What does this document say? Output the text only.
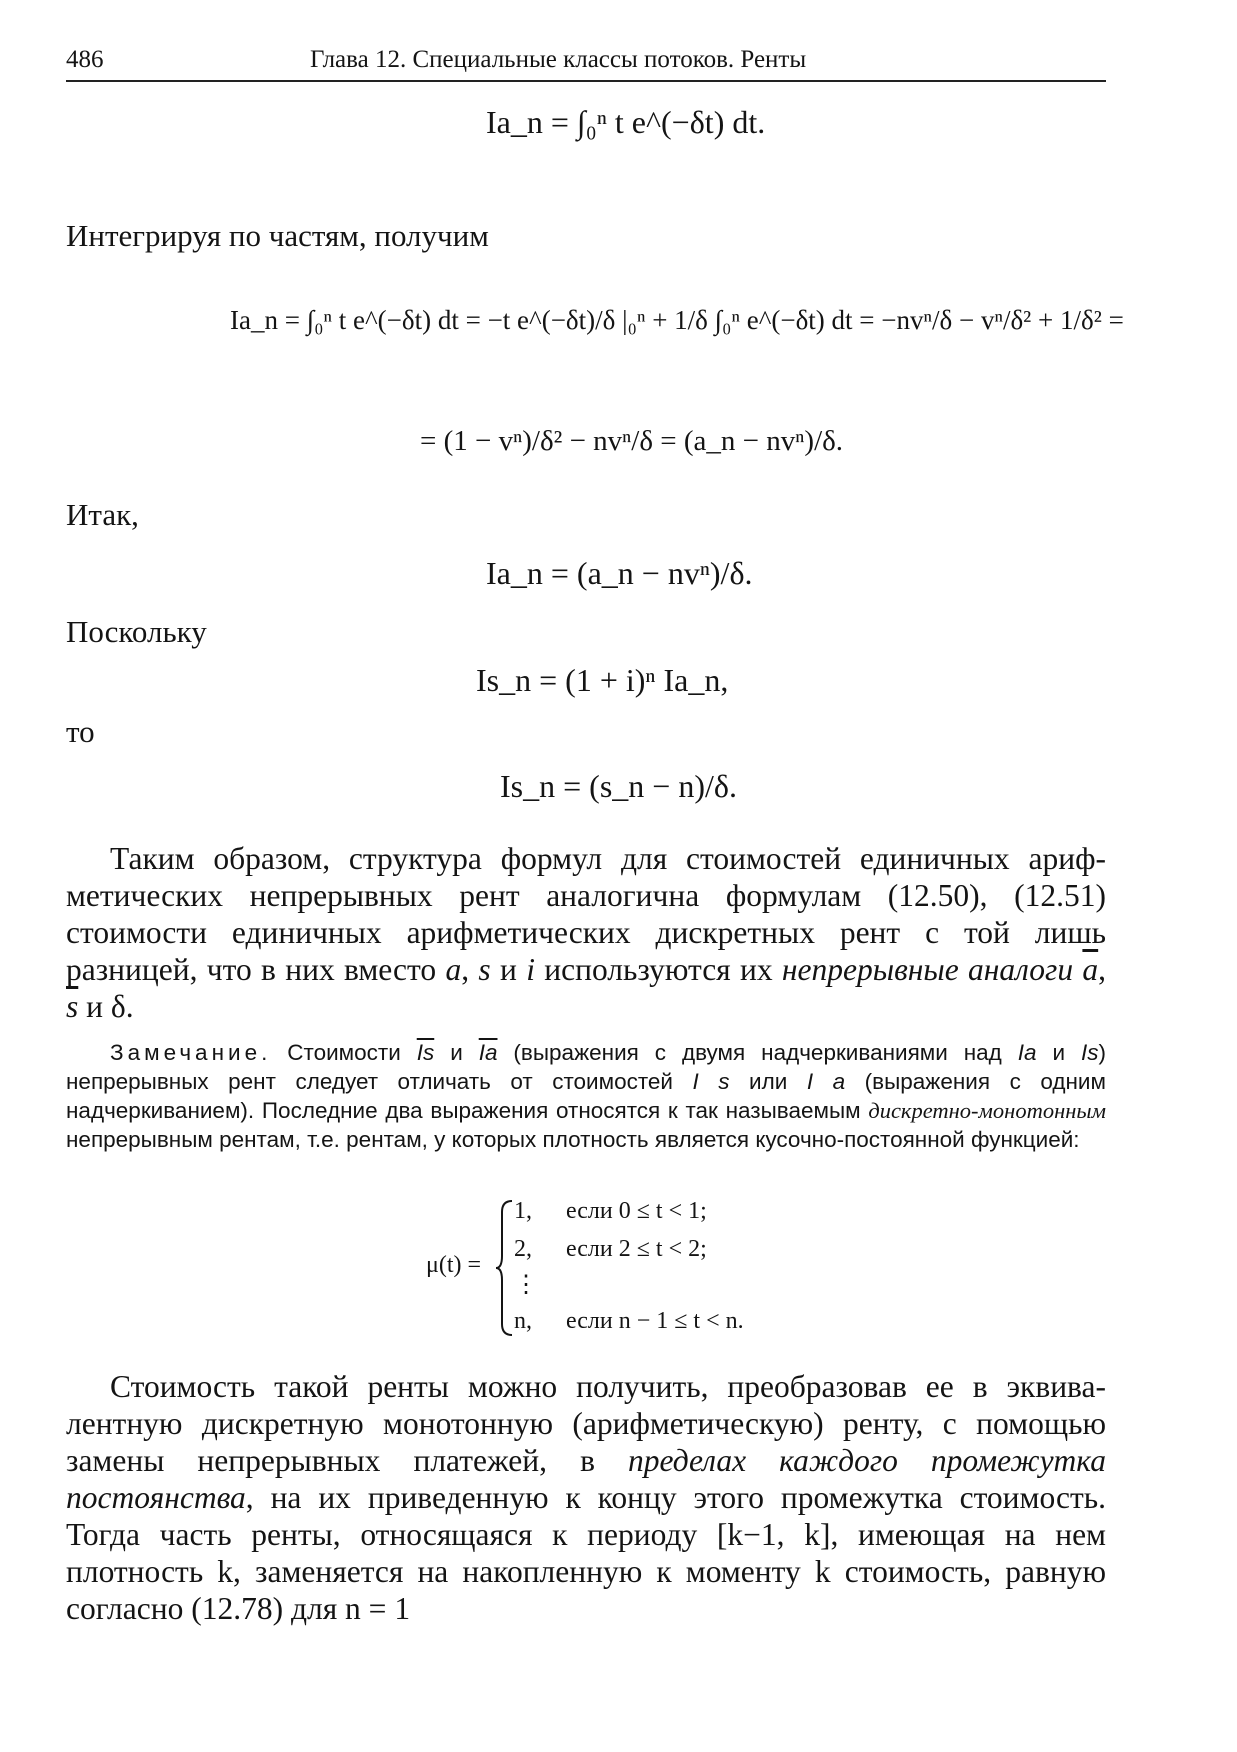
486	Глава 12. Специальные классы потоков. Ренты
Ia_n = ∫₀ⁿ t e^(−δt) dt.
Интегрируя по частям, получим
Ia_n = ∫₀ⁿ t e^(−δt) dt = −t e^(−δt)/δ |₀ⁿ + 1/δ ∫₀ⁿ e^(−δt) dt = −nvⁿ/δ − vⁿ/δ² + 1/δ² =
= (1 − vⁿ)/δ² − nvⁿ/δ = (a_n − nvⁿ)/δ.
Итак,
Ia_n = (a_n − nvⁿ)/δ.
Поскольку
Is_n = (1 + i)ⁿ Ia_n,
то
Is_n = (s_n − n)/δ.
Таким образом, структура формул для стоимостей единичных арифметических непрерывных рент аналогична формулам (12.50), (12.51) стоимости единичных арифметических дискретных рент с той лишь разницей, что в них вместо a, s и i используются их непрерывные аналоги $\overline{a}$, $\overline{s}$ и δ.
Замечание. Стоимости $\overline{Is}$ и $\overline{Ia}$ (выражения с двумя надчеркиваниями над Ia и Is) непрерывных рент следует отличать от стоимостей I s или I a (выражения с одним надчеркиванием). Последние два выражения относятся к так называемым дискретно-монотонным непрерывным рентам, т.е. рентам, у которых плотность является кусочно-постоянной функцией:
μ(t) =
1, если 0 ≤ t < 1;
2, если 2 ≤ t < 2;
⋮
n, если n − 1 ≤ t < n.
Стоимость такой ренты можно получить, преобразовав ее в эквивалентную дискретную монотонную (арифметическую) ренту, с помощью замены непрерывных платежей, в пределах каждого промежутка постоянства, на их приведенную к концу этого промежутка стоимость. Тогда часть ренты, относящаяся к периоду [k−1, k], имеющая на нем плотность k, заменяется на накопленную к моменту k стоимость, равную согласно (12.78) для n = 1
